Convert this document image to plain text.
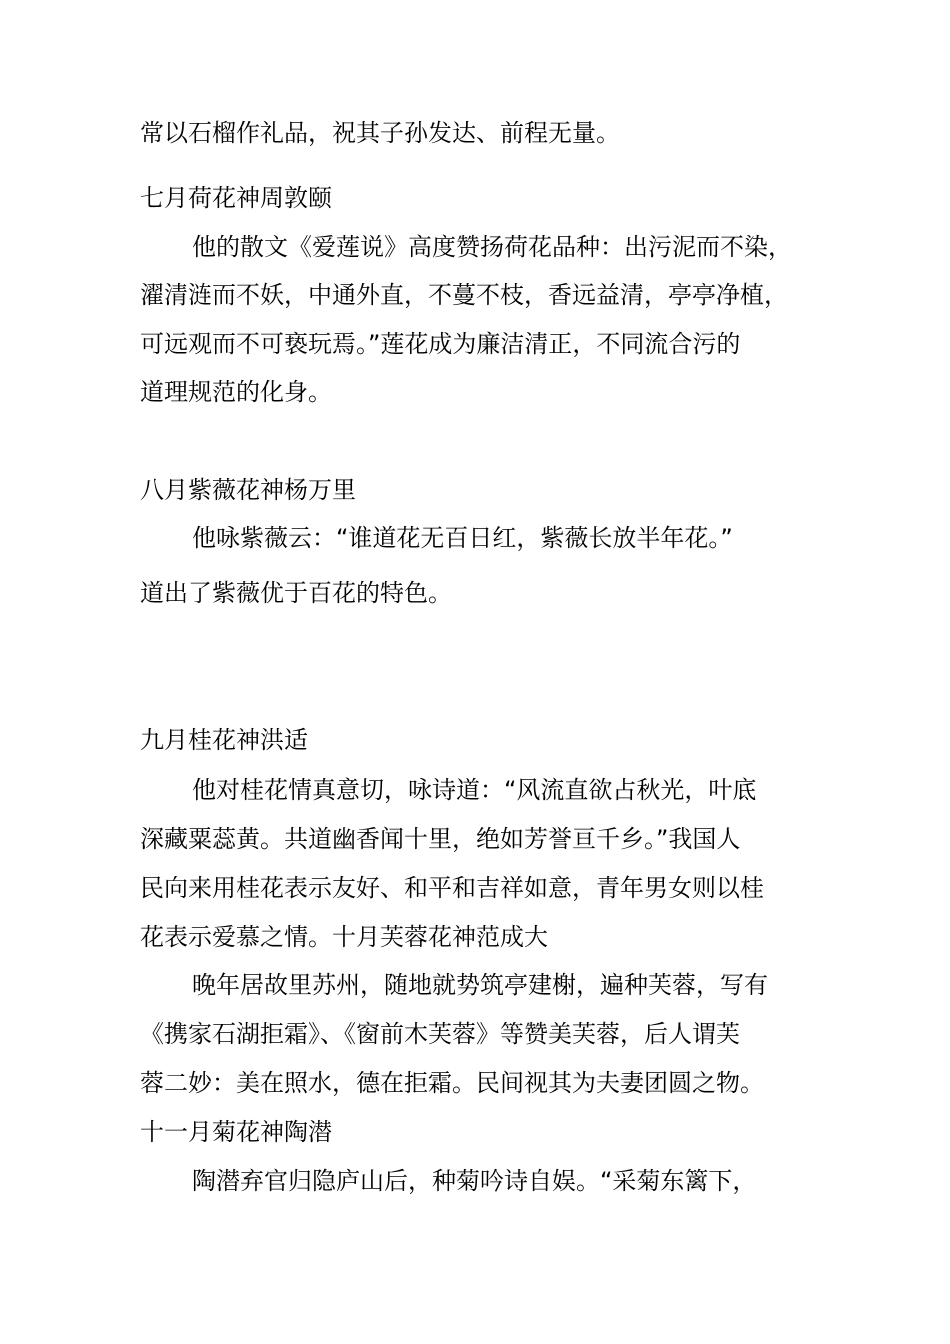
常以石榴作礼品，祝其子孙发达、前程无量。
七月荷花神周敦颐
他的散文《爱莲说》高度赞扬荷花品种：出污泥而不染，
濯清涟而不妖，中通外直，不蔓不枝，香远益清，亭亭净植，
可远观而不可亵玩焉。”莲花成为廉洁清正，不同流合污的
道理规范的化身。
八月紫薇花神杨万里
他咏紫薇云：“谁道花无百日红，紫薇长放半年花。”
道出了紫薇优于百花的特色。
九月桂花神洪适
他对桂花情真意切，咏诗道：“风流直欲占秋光，叶底
深藏粟蕊黄。共道幽香闻十里，绝如芳誉亘千乡。”我国人
民向来用桂花表示友好、和平和吉祥如意，青年男女则以桂
花表示爱慕之情。十月芙蓉花神范成大
晚年居故里苏州，随地就势筑亭建榭，遍种芙蓉，写有
《携家石湖拒霜》、《窗前木芙蓉》等赞美芙蓉，后人谓芙
蓉二妙：美在照水，德在拒霜。民间视其为夫妻团圆之物。
十一月菊花神陶潜
陶潜弃官归隐庐山后，种菊吟诗自娱。“采菊东篱下，
